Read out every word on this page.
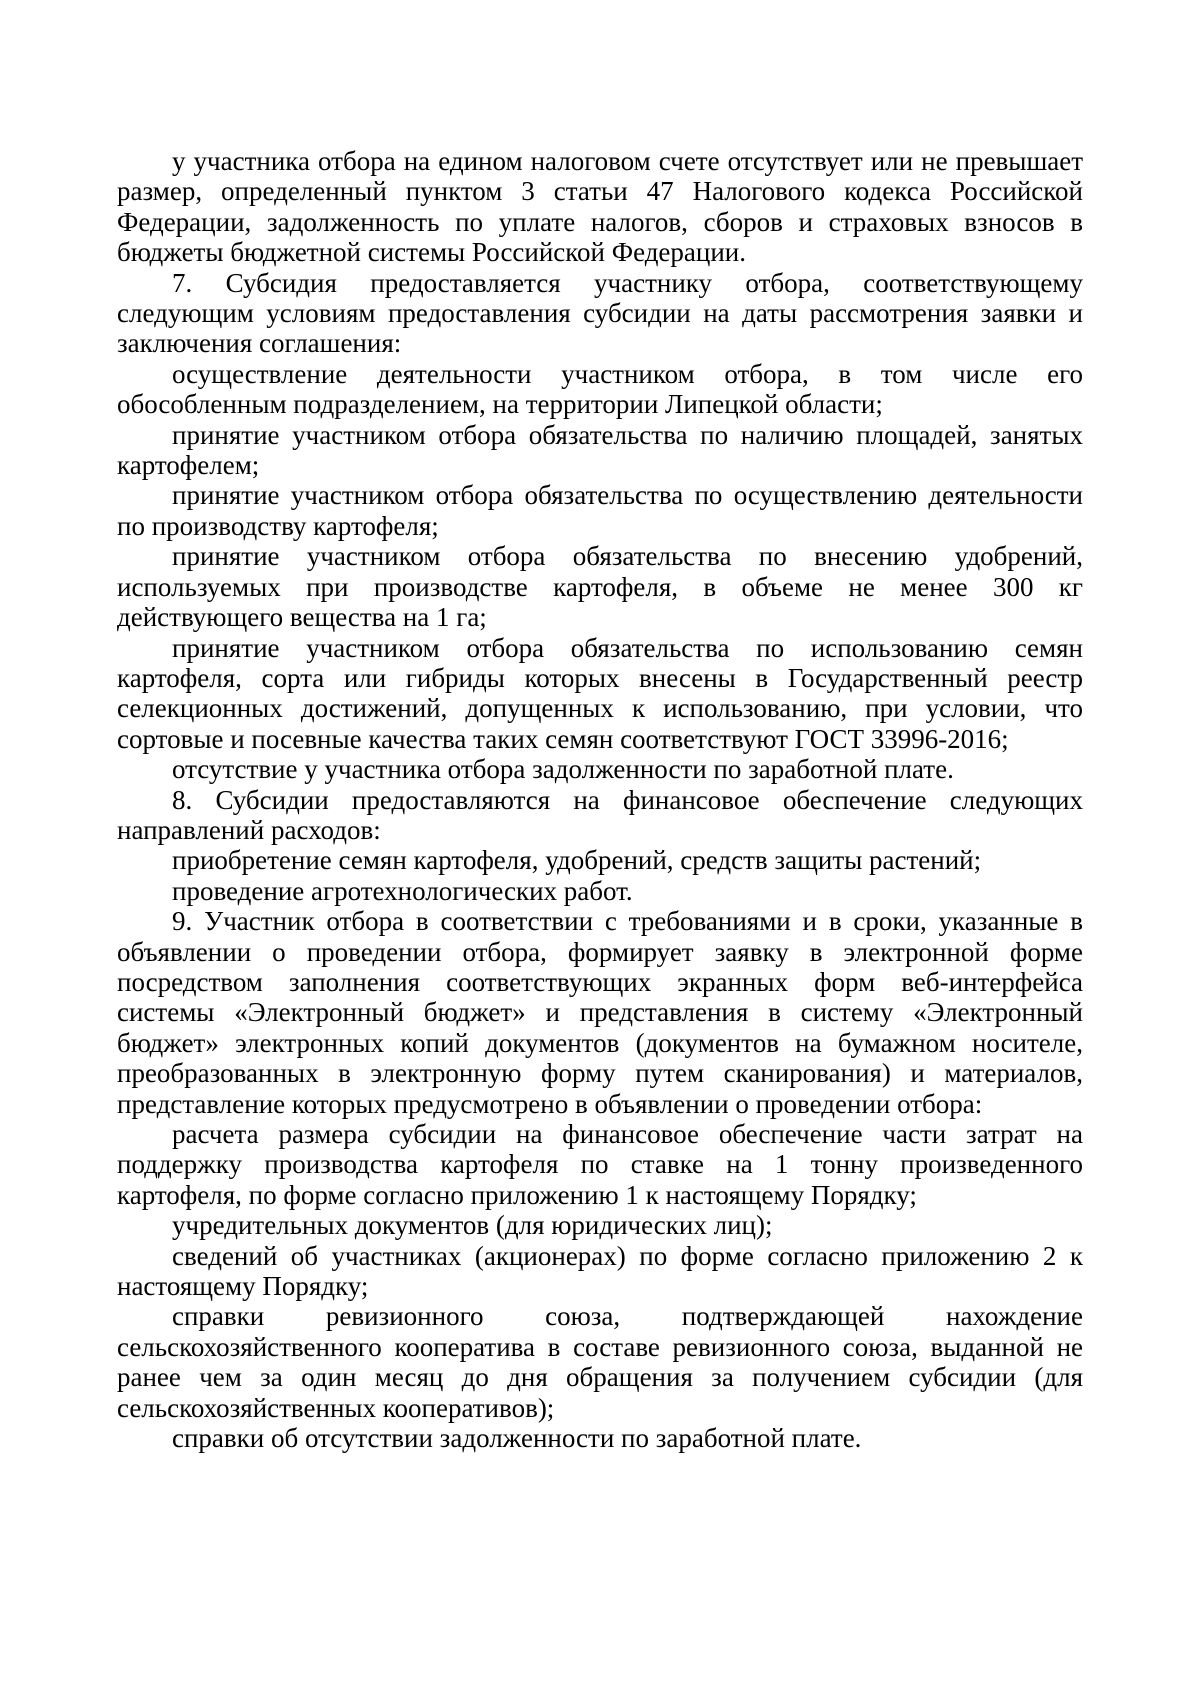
у участника отбора на едином налоговом счете отсутствует или не превышает размер, определенный пунктом 3 статьи 47 Налогового кодекса Российской Федерации, задолженность по уплате налогов, сборов и страховых взносов в бюджеты бюджетной системы Российской Федерации.

7. Субсидия предоставляется участнику отбора, соответствующему следующим условиям предоставления субсидии на даты рассмотрения заявки и заключения соглашения:

осуществление деятельности участником отбора, в том числе его обособленным подразделением, на территории Липецкой области;

принятие участником отбора обязательства по наличию площадей, занятых картофелем;

принятие участником отбора обязательства по осуществлению деятельности по производству картофеля;

принятие участником отбора обязательства по внесению удобрений, используемых при производстве картофеля, в объеме не менее 300 кг действующего вещества на 1 га;

принятие участником отбора обязательства по использованию семян картофеля, сорта или гибриды которых внесены в Государственный реестр селекционных достижений, допущенных к использованию, при условии, что сортовые и посевные качества таких семян соответствуют ГОСТ 33996-2016;

отсутствие у участника отбора задолженности по заработной плате.

8. Субсидии предоставляются на финансовое обеспечение следующих направлений расходов:

приобретение семян картофеля, удобрений, средств защиты растений;

проведение агротехнологических работ.

9. Участник отбора в соответствии с требованиями и в сроки, указанные в объявлении о проведении отбора, формирует заявку в электронной форме посредством заполнения соответствующих экранных форм веб-интерфейса системы «Электронный бюджет» и представления в систему «Электронный бюджет» электронных копий документов (документов на бумажном носителе, преобразованных в электронную форму путем сканирования) и материалов, представление которых предусмотрено в объявлении о проведении отбора:

расчета размера субсидии на финансовое обеспечение части затрат на поддержку производства картофеля по ставке на 1 тонну произведенного картофеля, по форме согласно приложению 1 к настоящему Порядку;

учредительных документов (для юридических лиц);

сведений об участниках (акционерах) по форме согласно приложению 2 к настоящему Порядку;

справки ревизионного союза, подтверждающей нахождение сельскохозяйственного кооператива в составе ревизионного союза, выданной не ранее чем за один месяц до дня обращения за получением субсидии (для сельскохозяйственных кооперативов);

справки об отсутствии задолженности по заработной плате.
